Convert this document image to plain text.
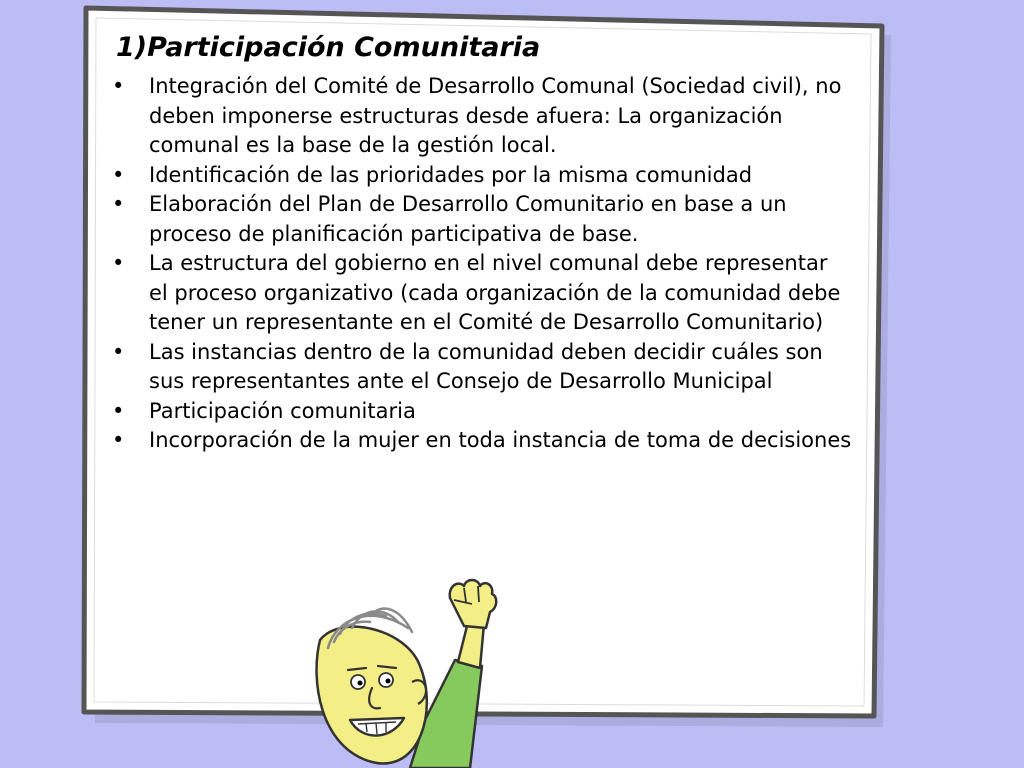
1)Participación Comunitaria
•	Integración del Comité de Desarrollo Comunal (Sociedad civil), no deben imponerse estructuras desde afuera: La organización comunal es la base de la gestión local.
•	Identificación de las prioridades por la misma comunidad
•	Elaboración del Plan de Desarrollo Comunitario en base a un proceso de planificación participativa de base.
•	La estructura del gobierno en el nivel comunal debe representar el proceso organizativo (cada organización de la comunidad debe tener un representante en el Comité de Desarrollo Comunitario)
•	Las instancias dentro de la comunidad deben decidir cuáles son sus representantes ante el Consejo de Desarrollo Municipal
•	Participación comunitaria
•	Incorporación de la mujer en toda instancia de toma de decisiones
